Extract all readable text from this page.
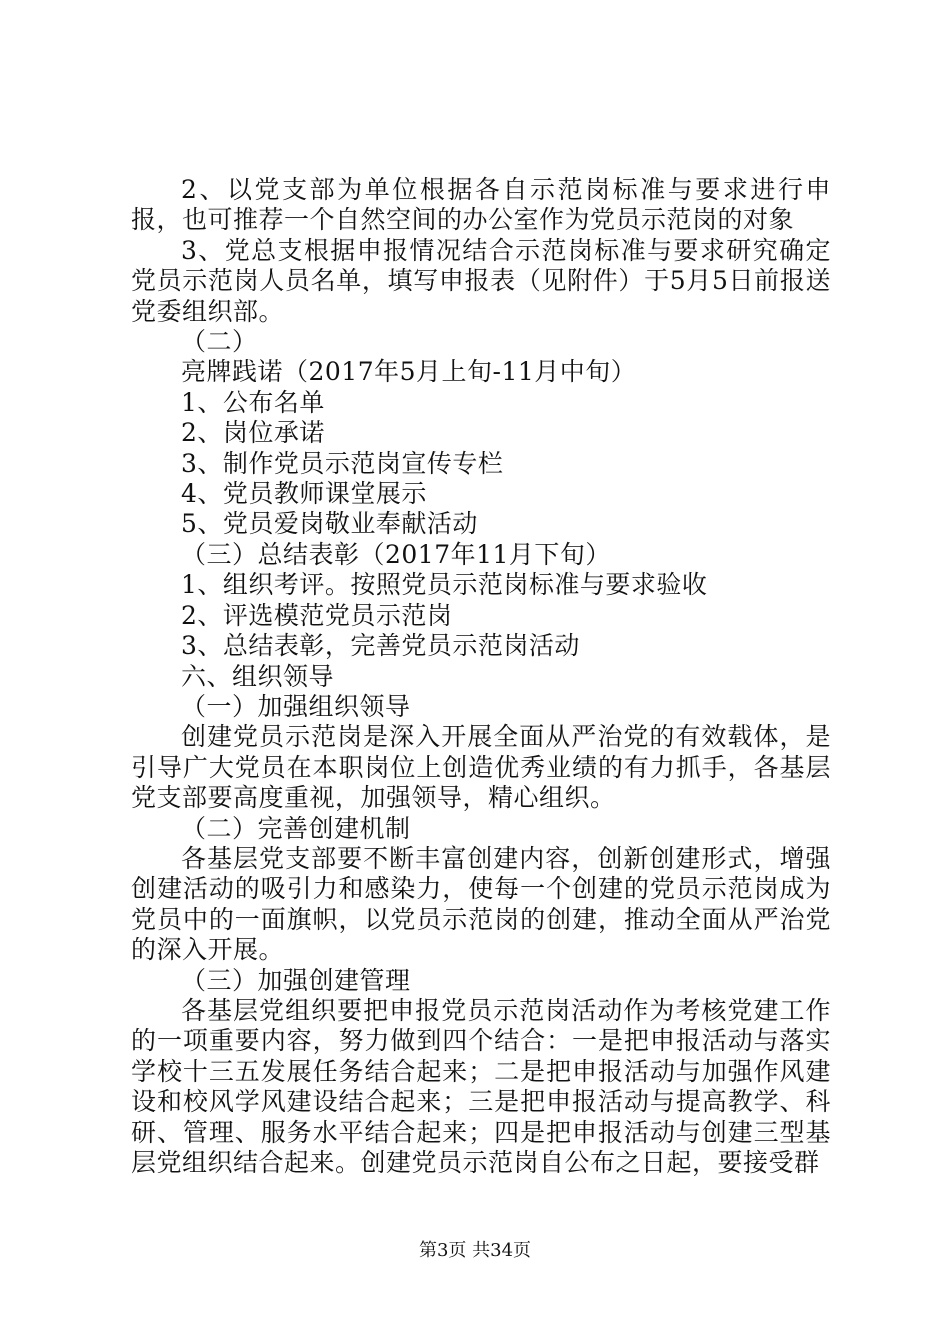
2、以党支部为单位根据各自示范岗标准与要求进行申报，也可推荐一个自然空间的办公室作为党员示范岗的对象

3、党总支根据申报情况结合示范岗标准与要求研究确定党员示范岗人员名单，填写申报表（见附件）于5月5日前报送党委组织部。

（二）

亮牌践诺（2017年5月上旬-11月中旬）

1、公布名单

2、岗位承诺

3、制作党员示范岗宣传专栏

4、党员教师课堂展示

5、党员爱岗敬业奉献活动

（三）总结表彰（2017年11月下旬）

1、组织考评。按照党员示范岗标准与要求验收

2、评选模范党员示范岗

3、总结表彰，完善党员示范岗活动

六、组织领导

（一）加强组织领导

创建党员示范岗是深入开展全面从严治党的有效载体，是引导广大党员在本职岗位上创造优秀业绩的有力抓手，各基层党支部要高度重视，加强领导，精心组织。

（二）完善创建机制

各基层党支部要不断丰富创建内容，创新创建形式，增强创建活动的吸引力和感染力，使每一个创建的党员示范岗成为党员中的一面旗帜，以党员示范岗的创建，推动全面从严治党的深入开展。

（三）加强创建管理

各基层党组织要把申报党员示范岗活动作为考核党建工作的一项重要内容，努力做到四个结合：一是把申报活动与落实学校十三五发展任务结合起来；二是把申报活动与加强作风建设和校风学风建设结合起来；三是把申报活动与提高教学、科研、管理、服务水平结合起来；四是把申报活动与创建三型基层党组织结合起来。创建党员示范岗自公布之日起，要接受群

第3页 共34页
